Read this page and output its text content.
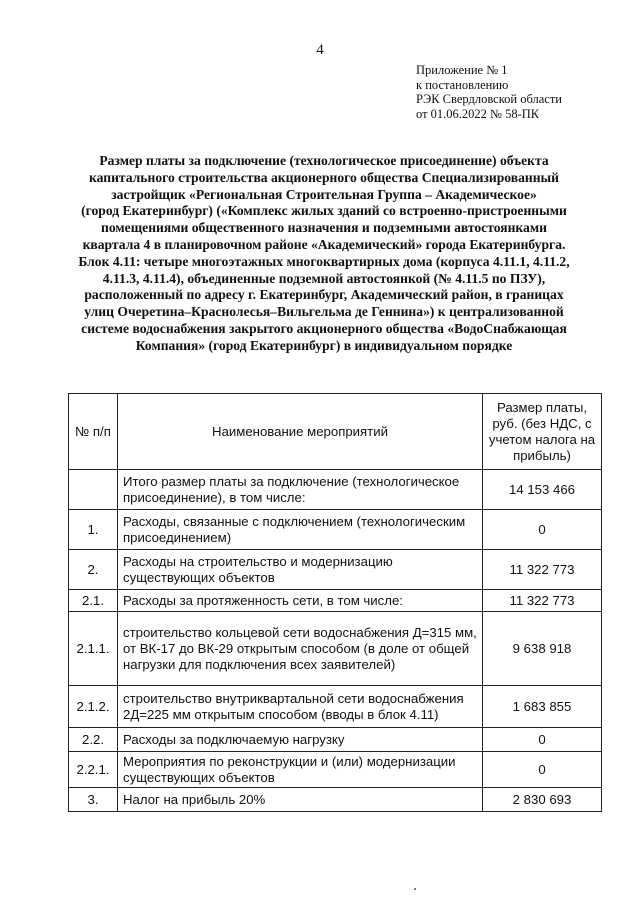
4
Приложение № 1
к постановлению
РЭК Свердловской области
от 01.06.2022 № 58-ПК
Размер платы за подключение (технологическое присоединение) объекта
капитального строительства акционерного общества Специализированный
застройщик «Региональная Строительная Группа – Академическое»
(город Екатеринбург) («Комплекс жилых зданий со встроенно-пристроенными
помещениями общественного назначения и подземными автостоянками
квартала 4 в планировочном районе «Академический» города Екатеринбурга.
Блок 4.11: четыре многоэтажных многоквартирных дома (корпуса 4.11.1, 4.11.2,
4.11.3, 4.11.4), объединенные подземной автостоянкой (№ 4.11.5 по ПЗУ),
расположенный по адресу г. Екатеринбург, Академический район, в границах
улиц Очеретина–Краснолесья–Вильгельма де Геннина») к централизованной
системе водоснабжения закрытого акционерного общества «ВодоСнабжающая
Компания» (город Екатеринбург) в индивидуальном порядке
№ п/п	Наименование мероприятий	Размер платы, руб. (без НДС, с учетом налога на прибыль)
	Итого размер платы за подключение (технологическое присоединение), в том числе:	14 153 466
1.	Расходы, связанные с подключением (технологическим присоединением)	0
2.	Расходы на строительство и модернизацию существующих объектов	11 322 773
2.1.	Расходы за протяженность сети, в том числе:	11 322 773
2.1.1.	строительство кольцевой сети водоснабжения Д=315 мм, от ВК-17 до ВК-29 открытым способом (в доле от общей нагрузки для подключения всех заявителей)	9 638 918
2.1.2.	строительство внутриквартальной сети водоснабжения 2Д=225 мм открытым способом (вводы в блок 4.11)	1 683 855
2.2.	Расходы за подключаемую нагрузку	0
2.2.1.	Мероприятия по реконструкции и (или) модернизации существующих объектов	0
3.	Налог на прибыль 20%	2 830 693
